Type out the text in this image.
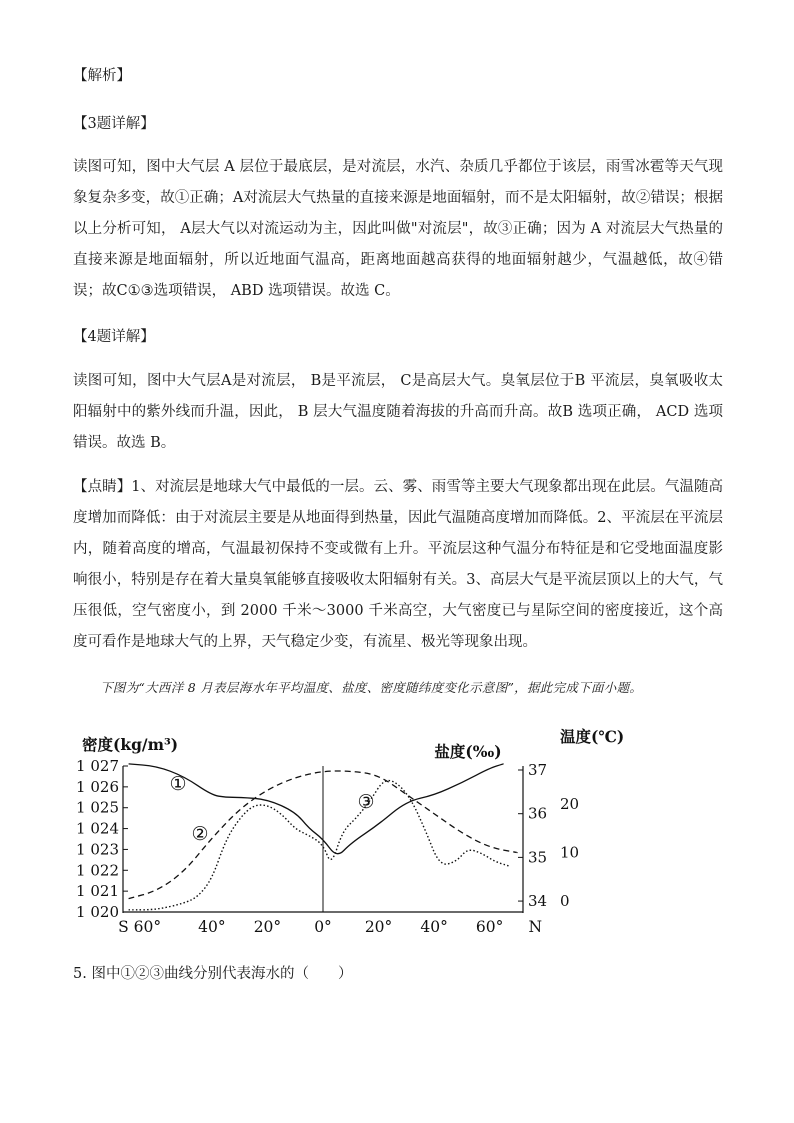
【解析】

【3题详解】

读图可知，图中大气层 A 层位于最底层，是对流层，水汽、杂质几乎都位于该层，雨雪冰雹等天气现象复杂多变，故①正确；A对流层大气热量的直接来源是地面辐射，而不是太阳辐射，故②错误；根据以上分析可知， A层大气以对流运动为主，因此叫做"对流层"，故③正确；因为 A 对流层大气热量的直接来源是地面辐射，所以近地面气温高，距离地面越高获得的地面辐射越少，气温越低，故④错误；故C①③选项错误， ABD 选项错误。故选 C。

【4题详解】

读图可知，图中大气层A是对流层， B是平流层， C是高层大气。臭氧层位于B 平流层，臭氧吸收太阳辐射中的紫外线而升温，因此， B 层大气温度随着海拔的升高而升高。故B 选项正确， ACD 选项错误。故选 B。

【点睛】1、对流层是地球大气中最低的一层。云、雾、雨雪等主要大气现象都出现在此层。气温随高度增加而降低：由于对流层主要是从地面得到热量，因此气温随高度增加而降低。2、平流层在平流层内，随着高度的增高，气温最初保持不变或微有上升。平流层这种气温分布特征是和它受地面温度影响很小，特别是存在着大量臭氧能够直接吸收太阳辐射有关。3、高层大气是平流层顶以上的大气，气压很低，空气密度小，到 2000 千米～3000 千米高空，大气密度已与星际空间的密度接近，这个高度可看作是地球大气的上界，天气稳定少变，有流星、极光等现象出现。

下图为“大西洋 8 月表层海水年平均温度、盐度、密度随纬度变化示意图”，据此完成下面小题。
1 027
1 026
1 025
1 024
1 023
1 022
1 021
1 020
密度(kg/m³)
37
36
35
34
盐度(‰)
20
10
0
温度(℃)
S 60° 40° 20° 0° 20° 40° 60° N
①
②
③
5. 图中①②③曲线分别代表海水的（　　）
